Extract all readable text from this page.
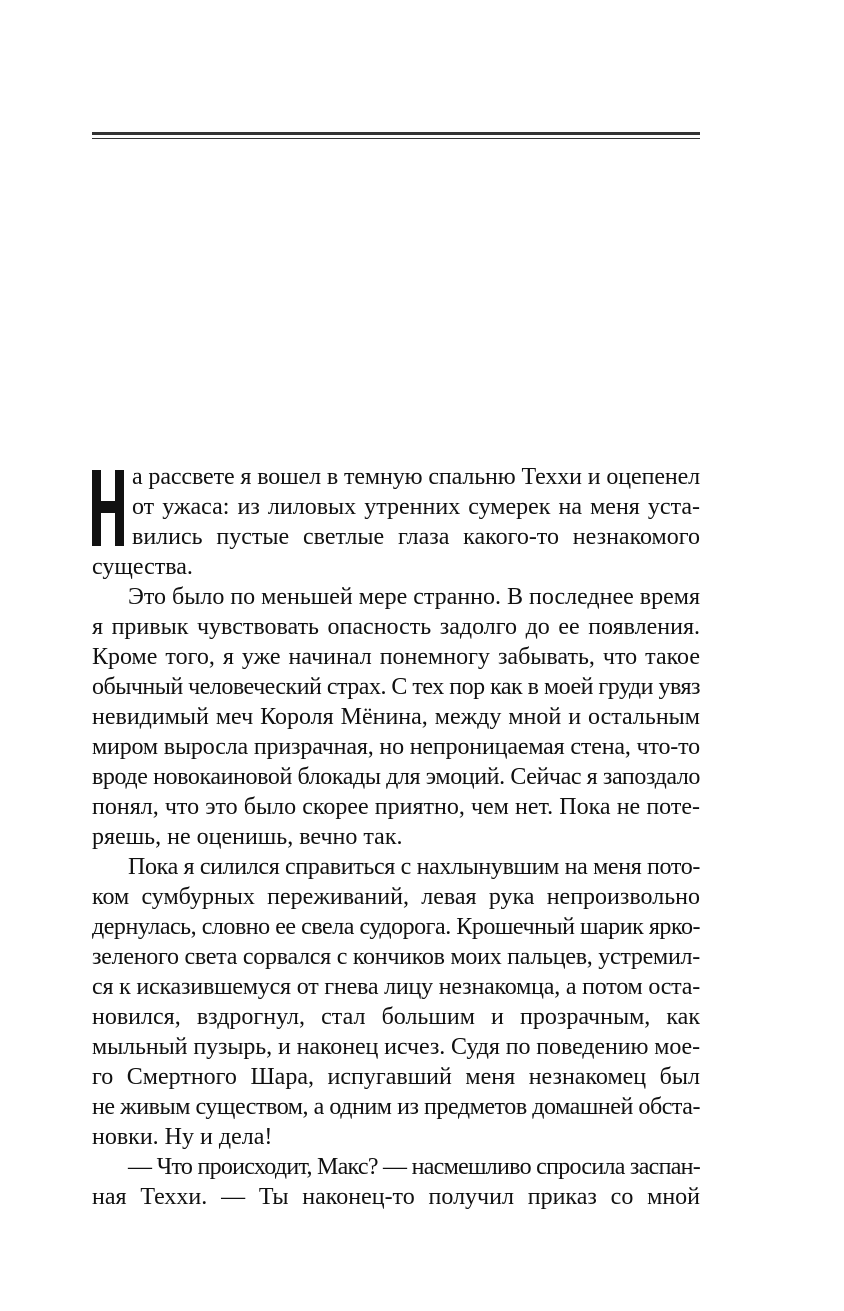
а рассвете я вошел в темную спальню Теххи и оцепенел
от ужаса: из лиловых утренних сумерек на меня уста-
вились пустые светлые глаза какого-то незнакомого
существа.

Это было по меньшей мере странно. В последнее время
я привык чувствовать опасность задолго до ее появления.
Кроме того, я уже начинал понемногу забывать, что такое
обычный человеческий страх. С тех пор как в моей груди увяз
невидимый меч Короля Мёнина, между мной и остальным
миром выросла призрачная, но непроницаемая стена, что-то
вроде новокаиновой блокады для эмоций. Сейчас я запоздало
понял, что это было скорее приятно, чем нет. Пока не поте-
ряешь, не оценишь, вечно так.

Пока я силился справиться с нахлынувшим на меня пото-
ком сумбурных переживаний, левая рука непроизвольно
дернулась, словно ее свела судорога. Крошечный шарик ярко-
зеленого света сорвался с кончиков моих пальцев, устремил-
ся к исказившемуся от гнева лицу незнакомца, а потом оста-
новился, вздрогнул, стал большим и прозрачным, как
мыльный пузырь, и наконец исчез. Судя по поведению мое-
го Смертного Шара, испугавший меня незнакомец был
не живым существом, а одним из предметов домашней обста-
новки. Ну и дела!

— Что происходит, Макс? — насмешливо спросила заспан-
ная Теххи. — Ты наконец-то получил приказ со мной
